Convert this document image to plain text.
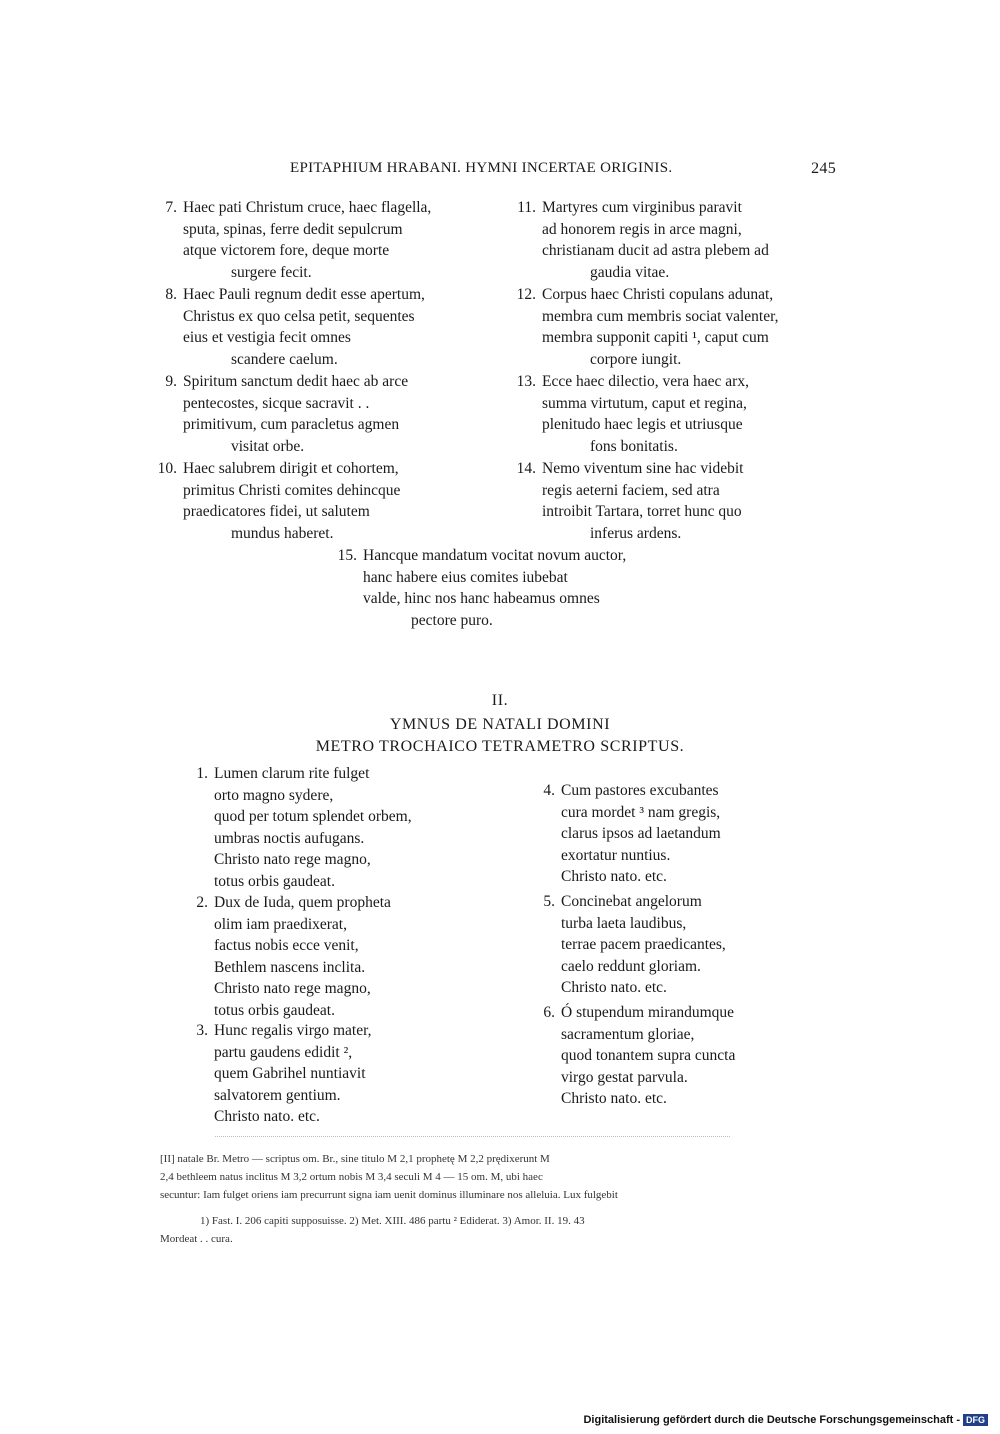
EPITAPHIUM HRABANI. HYMNI INCERTAE ORIGINIS.	245
7. Haec pati Christum cruce, haec flagella,
sputa, spinas, ferre dedit sepulcrum
atque victorem fore, deque morte
surgere fecit.
8. Haec Pauli regnum dedit esse apertum,
Christus ex quo celsa petit, sequentes
eius et vestigia fecit omnes
scandere caelum.
9. Spiritum sanctum dedit haec ab arce
pentecostes, sicque sacravit . .
primitivum, cum paracletus agmen
visitat orbe.
10. Haec salubrem dirigit et cohortem,
primitus Christi comites dehincque
praedicatores fidei, ut salutem
mundus haberet.
11. Martyres cum virginibus paravit
ad honorem regis in arce magni,
christianam ducit ad astra plebem ad
gaudia vitae.
12. Corpus haec Christi copulans adunat,
membra cum membris sociat valenter,
membra supponit capiti ¹, caput cum
corpore iungit.
13. Ecce haec dilectio, vera haec arx,
summa virtutum, caput et regina,
plenitudo haec legis et utriusque
fons bonitatis.
14. Nemo viventum sine hac videbit
regis aeterni faciem, sed atra
introibit Tartara, torret hunc quo
inferus ardens.
15. Hancque mandatum vocitat novum auctor,
hanc habere eius comites iubebat
valde, hinc nos hanc habeamus omnes
pectore puro.
II.
YMNUS DE NATALI DOMINI
METRO TROCHAICO TETRAMETRO SCRIPTUS.
1. Lumen clarum rite fulget
orto magno sydere,
quod per totum splendet orbem,
umbras noctis aufugans.
Christo nato rege magno,
totus orbis gaudeat.
2. Dux de Iuda, quem propheta
olim iam praedixerat,
factus nobis ecce venit,
Bethlem nascens inclita.
Christo nato rege magno,
totus orbis gaudeat.
3. Hunc regalis virgo mater,
partu gaudens edidit ²,
quem Gabrihel nuntiavit
salvatorem gentium.
Christo nato. etc.
4. Cum pastores excubantes
cura mordet ³ nam gregis,
clarus ipsos ad laetandum
exortatur nuntius.
Christo nato. etc.
5. Concinebat angelorum
turba laeta laudibus,
terrae pacem praedicantes,
caelo reddunt gloriam.
Christo nato. etc.
6. Ó stupendum mirandumque
sacramentum gloriae,
quod tonantem supra cuncta
virgo gestat parvula.
Christo nato. etc.
[II] natale Br. Metro — scriptus om. Br., sine titulo M 2,1 prophetę M 2,2 prędixerunt M
2,4 bethleem natus inclitus M 3,2 ortum nobis M 3,4 seculi M 4 — 15 om. M, ubi haec
secuntur: Iam fulget oriens iam precurrunt signa iam uenit dominus illuminare nos alleluia. Lux fulgebit
1) Fast. I. 206 capiti supposuisse. 2) Met. XIII. 486 partu ² Ediderat. 3) Amor. II. 19. 43
Mordeat . . cura.
Digitalisierung gefördert durch die Deutsche Forschungsgemeinschaft - DFG
